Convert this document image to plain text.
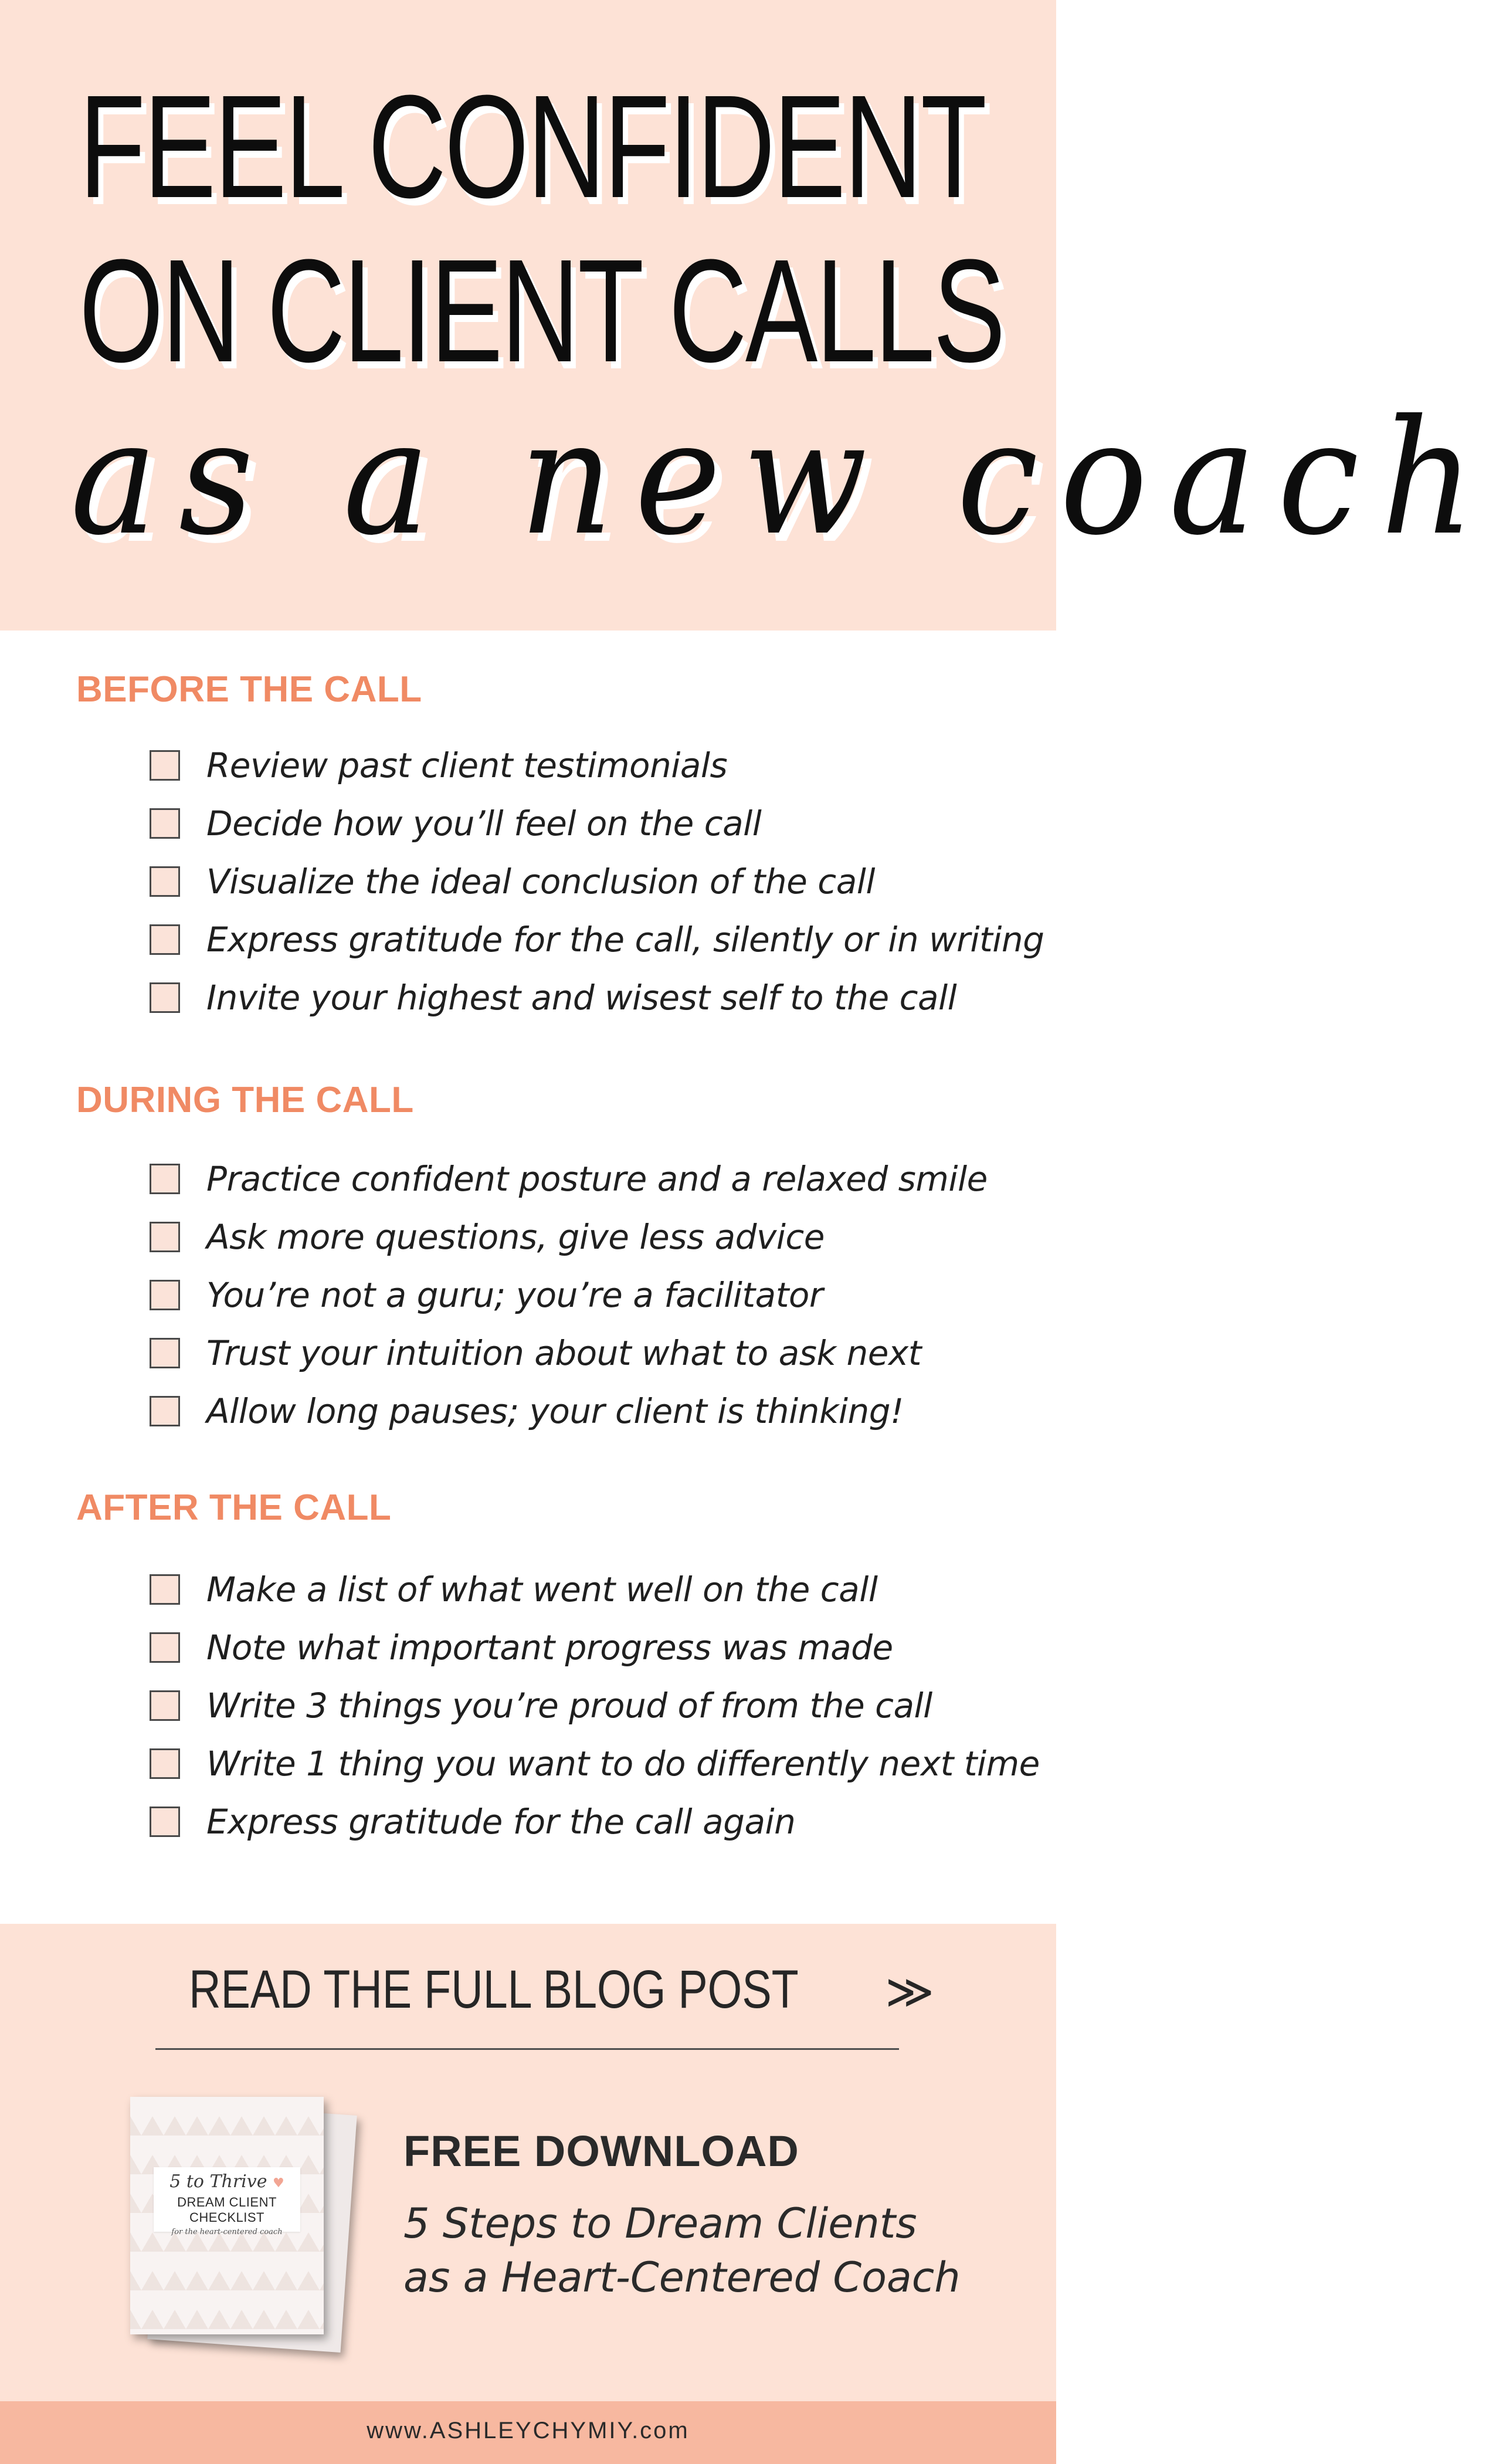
FEEL CONFIDENT
ON CLIENT CALLS
as a new coach
BEFORE THE CALL
Review past client testimonials
Decide how you’ll feel on the call
Visualize the ideal conclusion of the call
Express gratitude for the call, silently or in writing
Invite your highest and wisest self to the call
DURING THE CALL
Practice confident posture and a relaxed smile
Ask more questions, give less advice
You’re not a guru; you’re a facilitator
Trust your intuition about what to ask next
Allow long pauses; your client is thinking!
AFTER THE CALL
Make a list of what went well on the call
Note what important progress was made
Write 3 things you’re proud of from the call
Write 1 thing you want to do differently next time
Express gratitude for the call again
READ THE FULL BLOG POST ≫
5 to Thrive ♥
DREAM CLIENT CHECKLIST
for the heart-centered coach
FREE DOWNLOAD

5 Steps to Dream Clients

as a Heart-Centered Coach

www.ASHLEYCHYMIY.com
